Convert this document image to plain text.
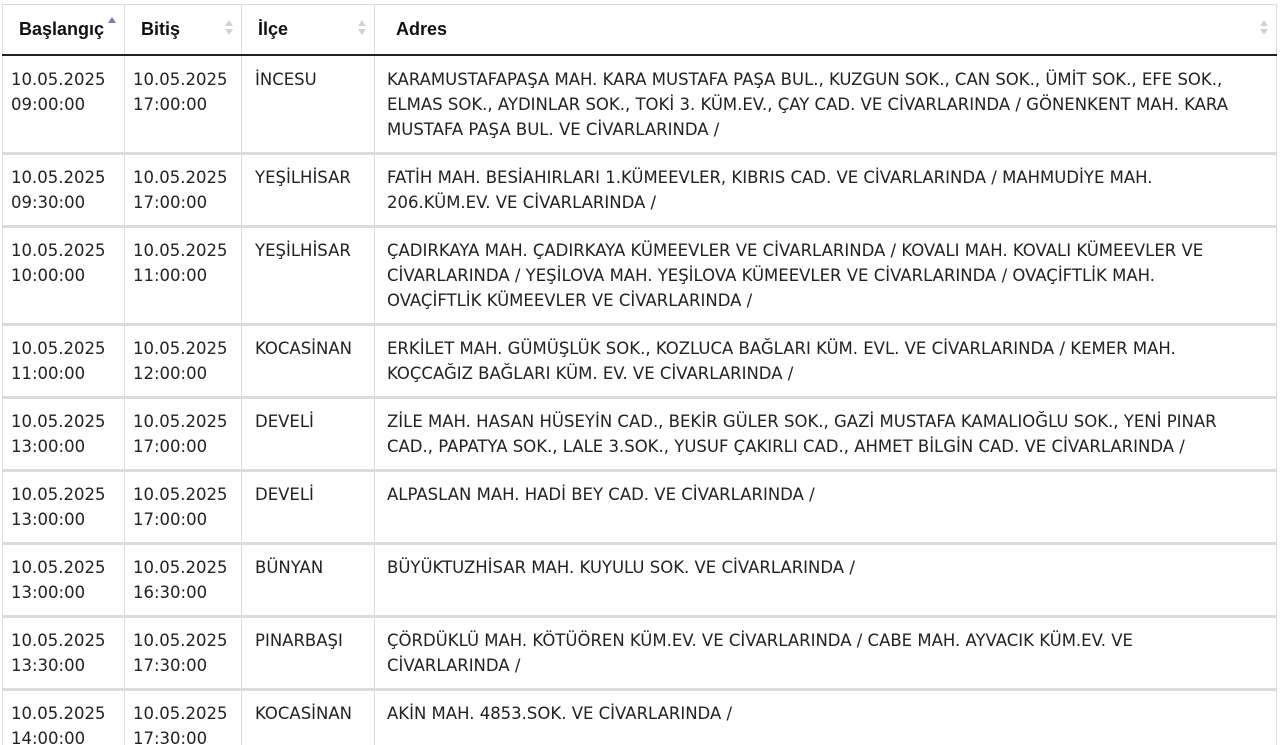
Başlangıç	Bitiş	İlçe	Adres

10.05.2025
09:00:00	10.05.2025
17:00:00	İNCESU	KARAMUSTAFAPAŞA MAH. KARA MUSTAFA PAŞA BUL., KUZGUN SOK., CAN SOK., ÜMİT SOK., EFE SOK., ELMAS SOK., AYDINLAR SOK., TOKİ 3. KÜM.EV., ÇAY CAD. VE CİVARLARINDA / GÖNENKENT MAH. KARA MUSTAFA PAŞA BUL. VE CİVARLARINDA /

10.05.2025
09:30:00	10.05.2025
17:00:00	YEŞİLHİSAR	FATİH MAH. BESİAHIRLARI 1.KÜMEEVLER, KIBRIS CAD. VE CİVARLARINDA / MAHMUDİYE MAH. 206.KÜM.EV. VE CİVARLARINDA /

10.05.2025
10:00:00	10.05.2025
11:00:00	YEŞİLHİSAR	ÇADIRKAYA MAH. ÇADIRKAYA KÜMEEVLER VE CİVARLARINDA / KOVALI MAH. KOVALI KÜMEEVLER VE CİVARLARINDA / YEŞİLOVA MAH. YEŞİLOVA KÜMEEVLER VE CİVARLARINDA / OVAÇİFTLİK MAH. OVAÇİFTLİK KÜMEEVLER VE CİVARLARINDA /

10.05.2025
11:00:00	10.05.2025
12:00:00	KOCASİNAN	ERKİLET MAH. GÜMÜŞLÜK SOK., KOZLUCA BAĞLARI KÜM. EVL. VE CİVARLARINDA / KEMER MAH. KOÇCAĞIZ BAĞLARI KÜM. EV. VE CİVARLARINDA /

10.05.2025
13:00:00	10.05.2025
17:00:00	DEVELİ	ZİLE MAH. HASAN HÜSEYİN CAD., BEKİR GÜLER SOK., GAZİ MUSTAFA KAMALIOĞLU SOK., YENİ PINAR CAD., PAPATYA SOK., LALE 3.SOK., YUSUF ÇAKIRLI CAD., AHMET BİLGİN CAD. VE CİVARLARINDA /

10.05.2025
13:00:00	10.05.2025
17:00:00	DEVELİ	ALPASLAN MAH. HADİ BEY CAD. VE CİVARLARINDA /

10.05.2025
13:00:00	10.05.2025
16:30:00	BÜNYAN	BÜYÜKTUZHİSAR MAH. KUYULU SOK. VE CİVARLARINDA /

10.05.2025
13:30:00	10.05.2025
17:30:00	PINARBAŞI	ÇÖRDÜKLÜ MAH. KÖTÜÖREN KÜM.EV. VE CİVARLARINDA / CABE MAH. AYVACIK KÜM.EV. VE CİVARLARINDA /

10.05.2025
14:00:00	10.05.2025
17:30:00	KOCASİNAN	AKİN MAH. 4853.SOK. VE CİVARLARINDA /
